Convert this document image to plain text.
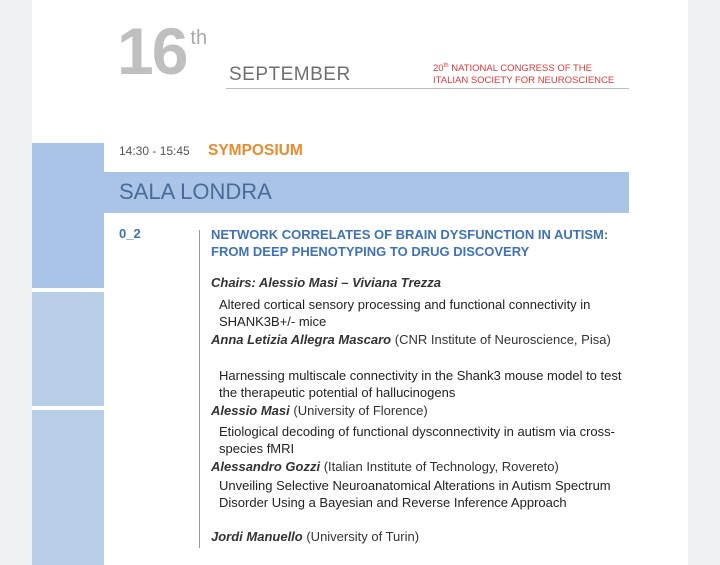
16 $^{th}$
SEPTEMBER	20th NATIONAL CONGRESS OF THE
ITALIAN SOCIETY FOR NEUROSCIENCE
14:30 - 15:45 SYMPOSIUM
SALA LONDRA
0_2	NETWORK CORRELATES OF BRAIN DYSFUNCTION IN AUTISM: FROM DEEP PHENOTYPING TO DRUG DISCOVERY
Chairs: Alessio Masi – Viviana Trezza
Altered cortical sensory processing and functional connectivity in SHANK3B+/- mice
Anna Letizia Allegra Mascaro (CNR Institute of Neuroscience, Pisa)
Harnessing multiscale connectivity in the Shank3 mouse model to test the therapeutic potential of hallucinogens
Alessio Masi (University of Florence)
Etiological decoding of functional dysconnectivity in autism via cross-species fMRI
Alessandro Gozzi (Italian Institute of Technology, Rovereto)
Unveiling Selective Neuroanatomical Alterations in Autism Spectrum Disorder Using a Bayesian and Reverse Inference Approach
Jordi Manuello (University of Turin)
